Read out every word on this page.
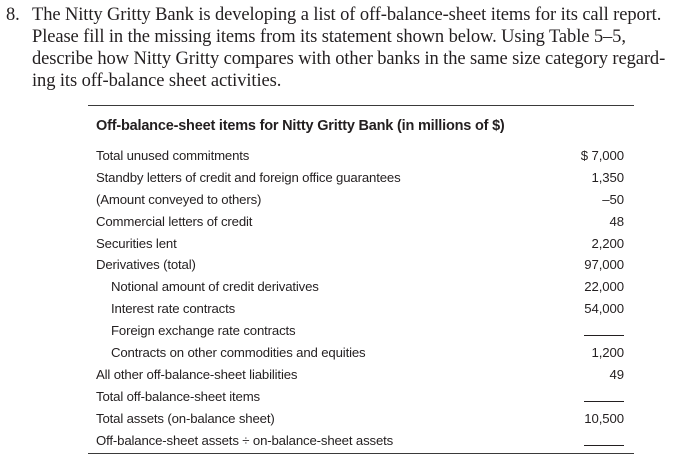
8. The Nitty Gritty Bank is developing a list of off-balance-sheet items for its call report.
Please fill in the missing items from its statement shown below. Using Table 5–5,
describe how Nitty Gritty compares with other banks in the same size category regard-
ing its off-balance sheet activities.
Off-balance-sheet items for Nitty Gritty Bank (in millions of $)
Total unused commitments	$ 7,000
Standby letters of credit and foreign office guarantees	1,350
(Amount conveyed to others)	–50
Commercial letters of credit	48
Securities lent	2,200
Derivatives (total)	97,000
Notional amount of credit derivatives	22,000
Interest rate contracts	54,000
Foreign exchange rate contracts
Contracts on other commodities and equities	1,200
All other off-balance-sheet liabilities	49
Total off-balance-sheet items
Total assets (on-balance sheet)	10,500
Off-balance-sheet assets ÷ on-balance-sheet assets
